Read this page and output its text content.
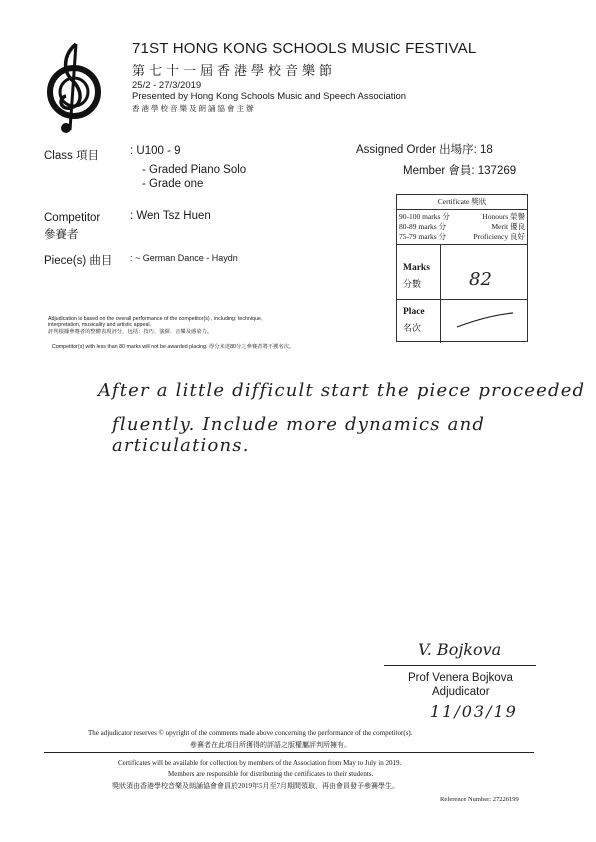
71ST HONG KONG SCHOOLS MUSIC FESTIVAL
第七十一屆香港學校音樂節
25/2 - 27/3/2019
Presented by Hong Kong Schools Music and Speech Association
香港學校音樂及朗誦協會主辦
Class 項目	: U100 - 9
- Graded Piano Solo
- Grade one
Assigned Order 出場序: 18
Member 會員: 137269
Competitor
參賽者
: Wen Tsz Huen
Piece(s) 曲目 : ~ German Dance - Haydn
Certificate 獎狀
90-100 marks 分	Honours 榮譽
80-89 marks 分	Merit 優良
75-79 marks 分	Proficiency 良好
Marks
分數	82
Place
名次
Adjudication is based on the overall performance of the competitor(s) , including: technique,
interpretation, musicality and artistic appeal.
評判根據參賽者的整體表現評分，包括：技巧、演繹、音樂及感染力。
Competitor(s) with less than 80 marks will not be awarded placing. 得分未達80分之參賽者將不獲名次。
After a little difficult start the piece proceeded
fluently. Include more dynamics and articulations.
V. Bojkova
Prof Venera Bojkova
Adjudicator
11/03/19
The adjudicator reserves © opyright of the comments made above concerning the performance of the competitor(s).
參賽者在此項目所獲得的評語之版權屬評判所擁有。
Certificates will be available for collection by members of the Association from May to July in 2019.
Members are responsible for distributing the certificates to their students.
獎狀須由香港學校音樂及朗誦協會會員於2019年5月至7月期間領取，再由會員發予參賽學生。
Reference Number: 27226199
